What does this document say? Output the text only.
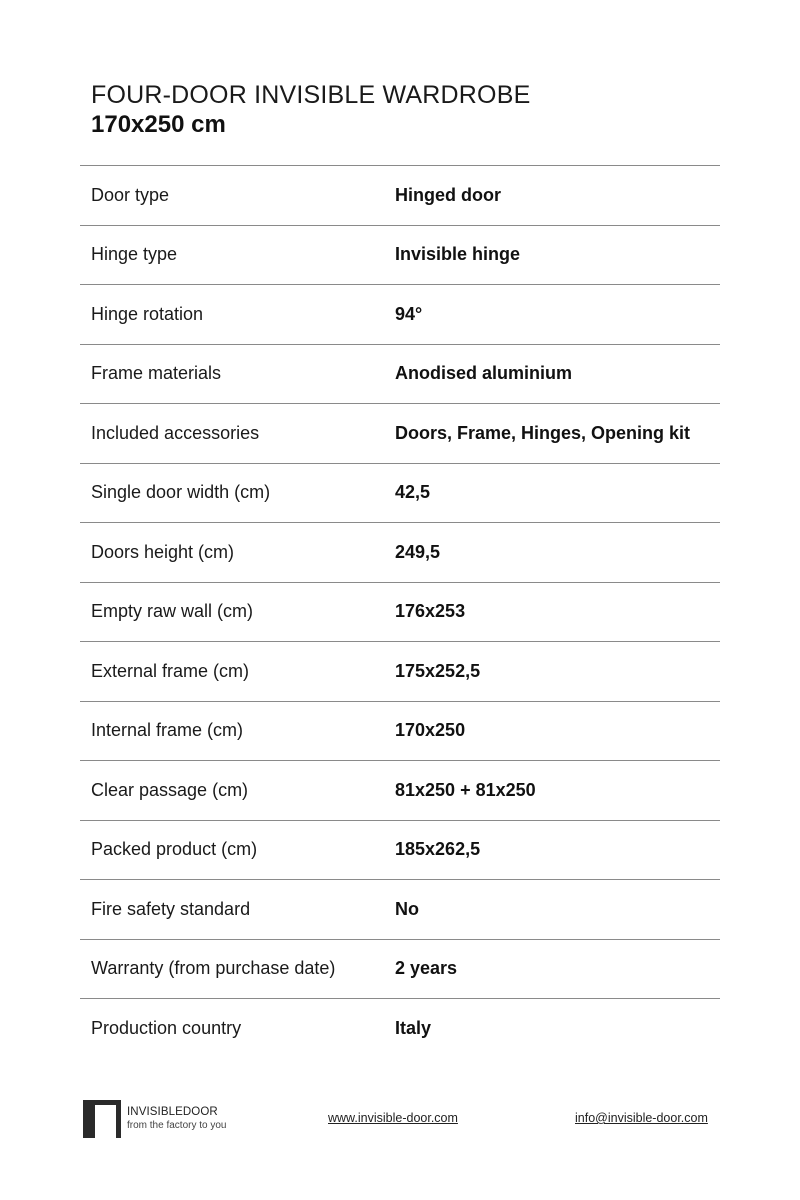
FOUR-DOOR INVISIBLE WARDROBE
170x250 cm
Door type	Hinged door
Hinge type	Invisible hinge
Hinge rotation	94°
Frame materials	Anodised aluminium
Included accessories	Doors, Frame, Hinges, Opening kit
Single door width (cm)	42,5
Doors height (cm)	249,5
Empty raw wall (cm)	176x253
External frame (cm)	175x252,5
Internal frame (cm)	170x250
Clear passage (cm)	81x250 + 81x250
Packed product (cm)	185x262,5
Fire safety standard	No
Warranty (from purchase date)	2 years
Production country	Italy
INVISIBLEDOOR
from the factory to you
www.invisible-door.com	info@invisible-door.com
